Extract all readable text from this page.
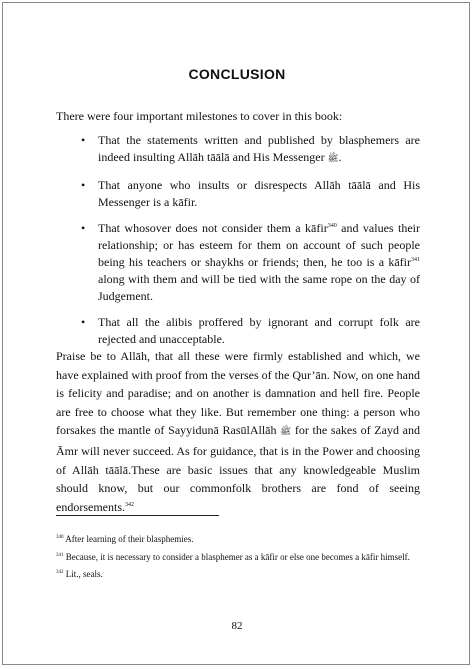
CONCLUSION
There were four important milestones to cover in this book:
• That the statements written and published by blasphemers are indeed insulting Allāh tāālā and His Messenger ﷺ.
• That anyone who insults or disrespects Allāh tāālā and His Messenger is a kāfir.
• That whosover does not consider them a kāfir$^{340}$ and values their relationship; or has esteem for them on account of such people being his teachers or shaykhs or friends; then, he too is a kāfir$^{341}$ along with them and will be tied with the same rope on the day of Judgement.
• That all the alibis proffered by ignorant and corrupt folk are rejected and unacceptable.
Praise be to Allāh, that all these were firmly established and which, we have explained with proof from the verses of the Qur’ān. Now, on one hand is felicity and paradise; and on another is damnation and hell fire. People are free to choose what they like. But remember one thing: a person who forsakes the mantle of Sayyidunā RasūlAllāh ﷺ for the sakes of Zayd and Āmr will never succeed. As for guidance, that is in the Power and choosing of Allāh tāālā.These are basic issues that any knowledgeable Muslim should know, but our commonfolk brothers are fond of seeing endorsements.$^{342}$
$^{340}$ After learning of their blasphemies.
$^{341}$ Because, it is necessary to consider a blasphemer as a kāfir or else one becomes a kāfir himself.
$^{342}$ Lit., seals.
82
